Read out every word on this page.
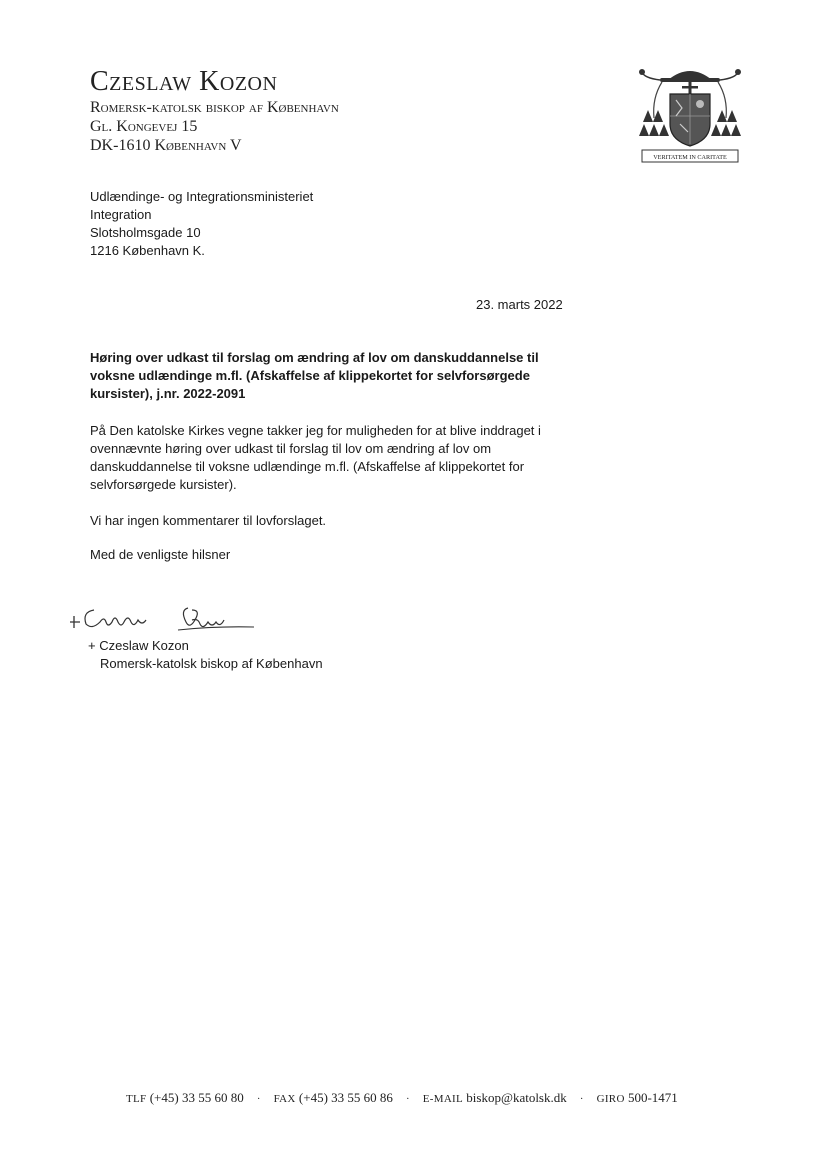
Czeslaw Kozon
Romersk-katolsk biskop af København
Gl. Kongevej 15
DK-1610 København V
VERITATEM IN CARITATE
Udlændinge- og Integrationsministeriet
Integration
Slotsholmsgade 10
1216 København K.
23. marts 2022
Høring over udkast til forslag om ændring af lov om danskuddannelse til voksne udlændinge m.fl. (Afskaffelse af klippekortet for selvforsørgede kursister), j.nr. 2022-2091
På Den katolske Kirkes vegne takker jeg for muligheden for at blive inddraget i ovennævnte høring over udkast til forslag til lov om ændring af lov om danskuddannelse til voksne udlændinge m.fl. (Afskaffelse af klippekortet for selvforsørgede kursister).
Vi har ingen kommentarer til lovforslaget.
Med de venligste hilsner
+ Czeslaw Kozon
Romersk-katolsk biskop af København
TLF (+45) 33 55 60 80 · FAX (+45) 33 55 60 86 · E-MAIL biskop@katolsk.dk · GIRO 500-1471
